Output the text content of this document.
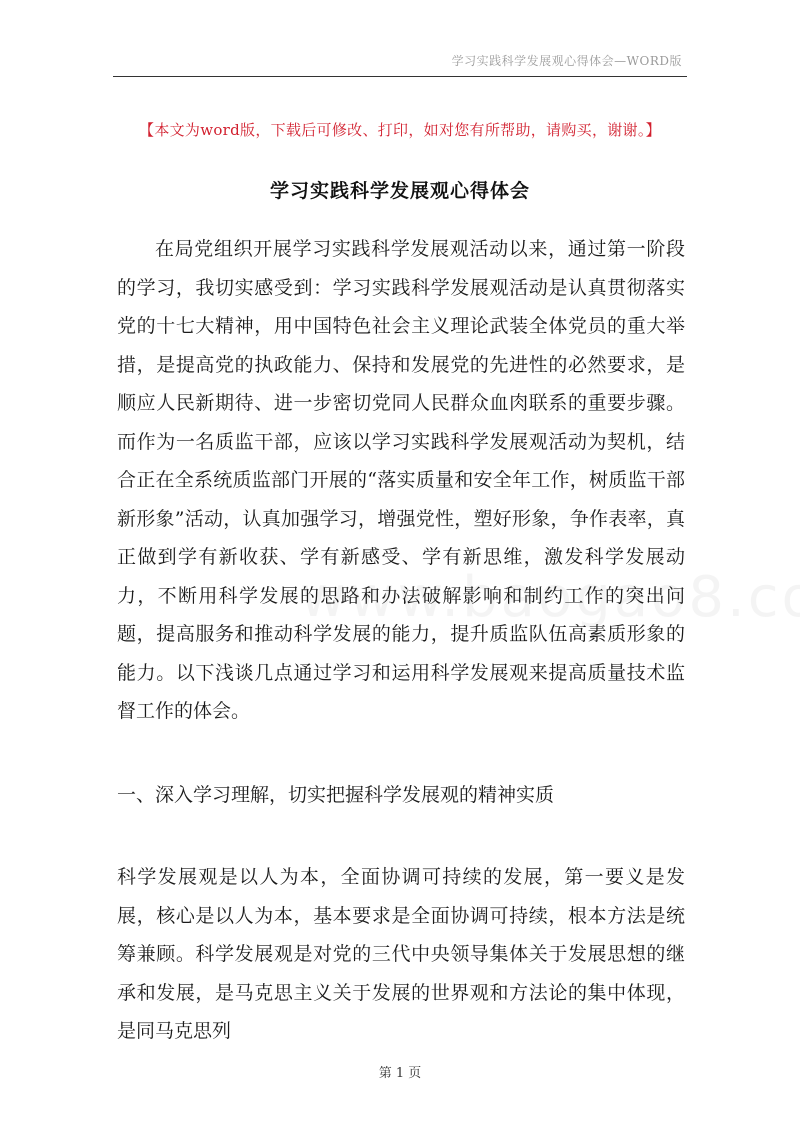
学习实践科学发展观心得体会—WORD版
【本文为word版，下载后可修改、打印，如对您有所帮助，请购买，谢谢。】
学习实践科学发展观心得体会
在局党组织开展学习实践科学发展观活动以来，通过第一阶段的学习，我切实感受到：学习实践科学发展观活动是认真贯彻落实党的十七大精神，用中国特色社会主义理论武装全体党员的重大举措，是提高党的执政能力、保持和发展党的先进性的必然要求，是顺应人民新期待、进一步密切党同人民群众血肉联系的重要步骤。而作为一名质监干部，应该以学习实践科学发展观活动为契机，结合正在全系统质监部门开展的“落实质量和安全年工作，树质监干部新形象”活动，认真加强学习，增强党性，塑好形象，争作表率，真正做到学有新收获、学有新感受、学有新思维，激发科学发展动力，不断用科学发展的思路和办法破解影响和制约工作的突出问题，提高服务和推动科学发展的能力，提升质监队伍高素质形象的能力。以下浅谈几点通过学习和运用科学发展观来提高质量技术监督工作的体会。
一、深入学习理解，切实把握科学发展观的精神实质
科学发展观是以人为本，全面协调可持续的发展，第一要义是发展，核心是以人为本，基本要求是全面协调可持续，根本方法是统筹兼顾。科学发展观是对党的三代中央领导集体关于发展思想的继承和发展，是马克思主义关于发展的世界观和方法论的集中体现，是同马克思列
第 1 页
